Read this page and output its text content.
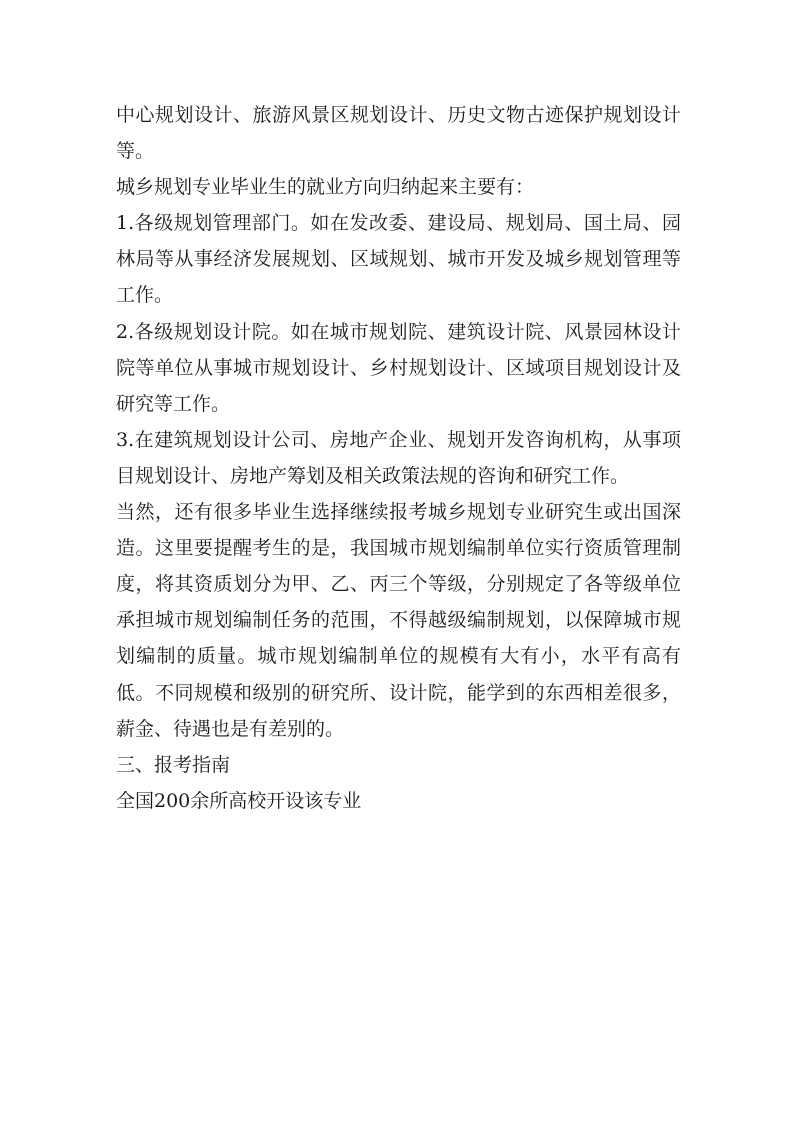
中心规划设计、旅游风景区规划设计、历史文物古迹保护规划设计等。

城乡规划专业毕业生的就业方向归纳起来主要有：

1.各级规划管理部门。如在发改委、建设局、规划局、国土局、园林局等从事经济发展规划、区域规划、城市开发及城乡规划管理等工作。

2.各级规划设计院。如在城市规划院、建筑设计院、风景园林设计院等单位从事城市规划设计、乡村规划设计、区域项目规划设计及研究等工作。

3.在建筑规划设计公司、房地产企业、规划开发咨询机构，从事项目规划设计、房地产筹划及相关政策法规的咨询和研究工作。

当然，还有很多毕业生选择继续报考城乡规划专业研究生或出国深造。这里要提醒考生的是，我国城市规划编制单位实行资质管理制度，将其资质划分为甲、乙、丙三个等级，分别规定了各等级单位承担城市规划编制任务的范围，不得越级编制规划，以保障城市规划编制的质量。城市规划编制单位的规模有大有小，水平有高有低。不同规模和级别的研究所、设计院，能学到的东西相差很多，薪金、待遇也是有差别的。

三、报考指南

全国200余所高校开设该专业
